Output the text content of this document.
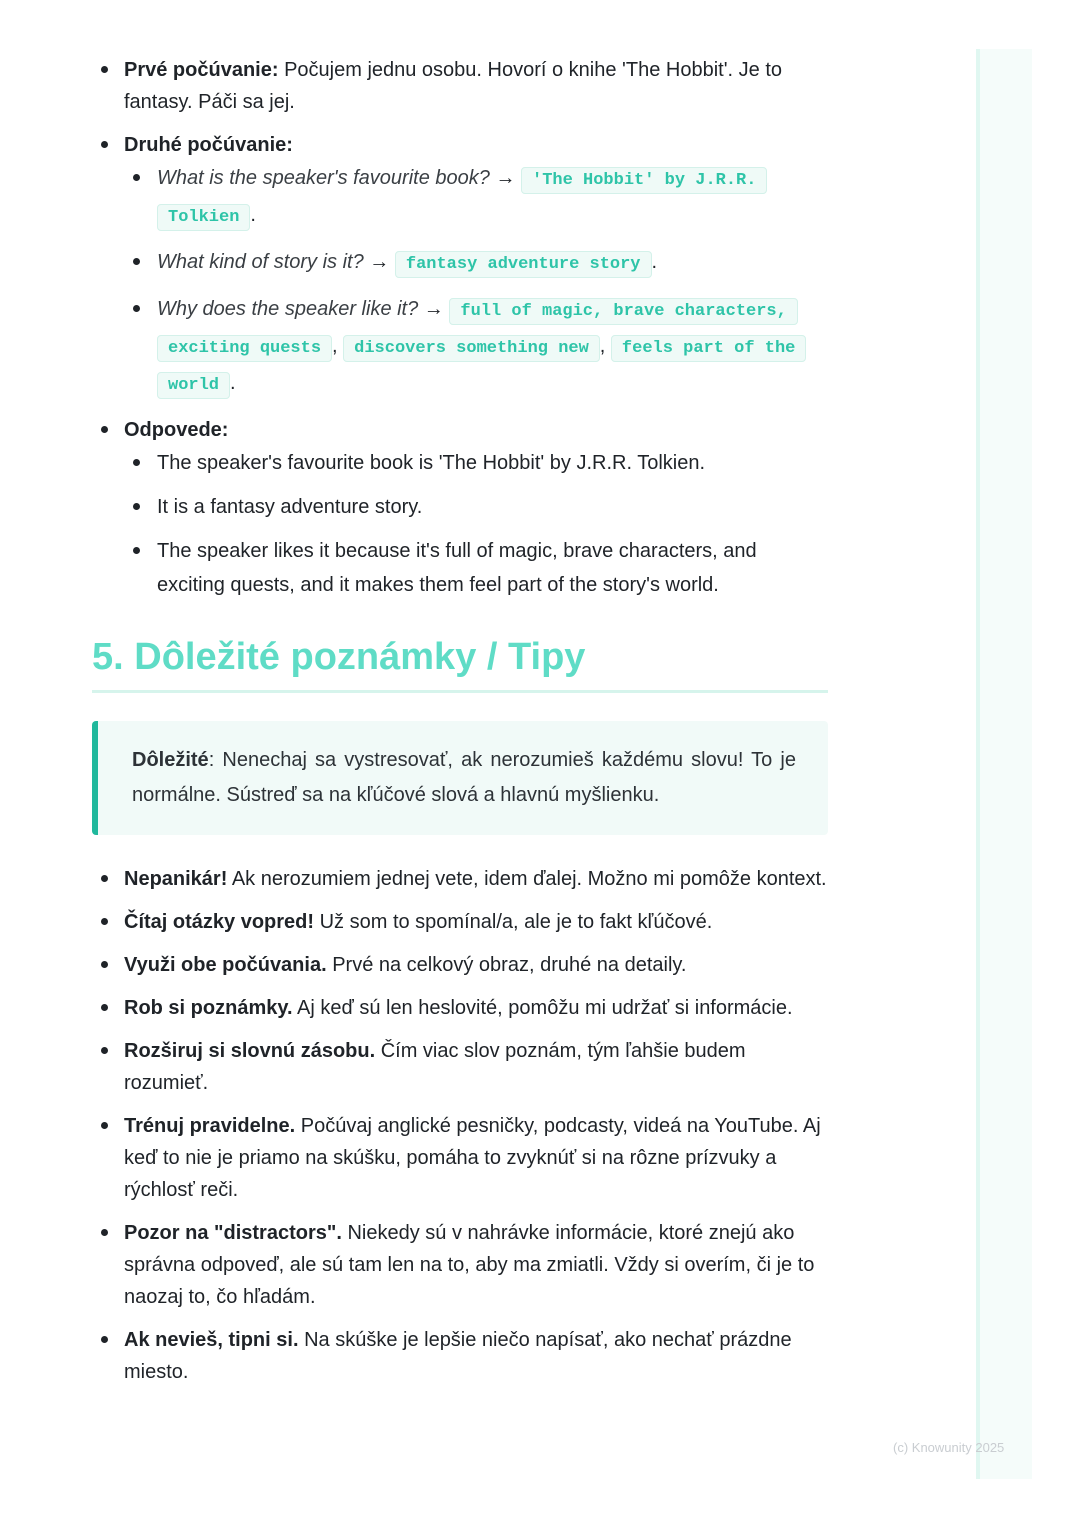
Prvé počúvanie: Počujem jednu osobu. Hovorí o knihe 'The Hobbit'. Je to fantasy. Páči sa jej.
Druhé počúvanie:
What is the speaker's favourite book? → 'The Hobbit' by J.R.R. Tolkien .
What kind of story is it? → fantasy adventure story .
Why does the speaker like it? → full of magic, brave characters, exciting quests , discovers something new , feels part of the world .
Odpovede:
The speaker's favourite book is 'The Hobbit' by J.R.R. Tolkien.
It is a fantasy adventure story.
The speaker likes it because it's full of magic, brave characters, and exciting quests, and it makes them feel part of the story's world.
5. Dôležité poznámky / Tipy
Dôležité: Nenechaj sa vystresovať, ak nerozumieš každému slovu! To je normálne. Sústreď sa na kľúčové slová a hlavnú myšlienku.
Nepanikár! Ak nerozumiem jednej vete, idem ďalej. Možno mi pomôže kontext.
Čítaj otázky vopred! Už som to spomínal/a, ale je to fakt kľúčové.
Využi obe počúvania. Prvé na celkový obraz, druhé na detaily.
Rob si poznámky. Aj keď sú len heslovité, pomôžu mi udržať si informácie.
Rozširuj si slovnú zásobu. Čím viac slov poznám, tým ľahšie budem rozumieť.
Trénuj pravidelne. Počúvaj anglické pesničky, podcasty, videá na YouTube. Aj keď to nie je priamo na skúšku, pomáha to zvyknúť si na rôzne prízvuky a rýchlosť reči.
Pozor na "distractors". Niekedy sú v nahrávke informácie, ktoré znejú ako správna odpoveď, ale sú tam len na to, aby ma zmiatli. Vždy si overím, či je to naozaj to, čo hľadám.
Ak nevieš, tipni si. Na skúške je lepšie niečo napísať, ako nechať prázdne miesto.
(c) Knowunity 2025
